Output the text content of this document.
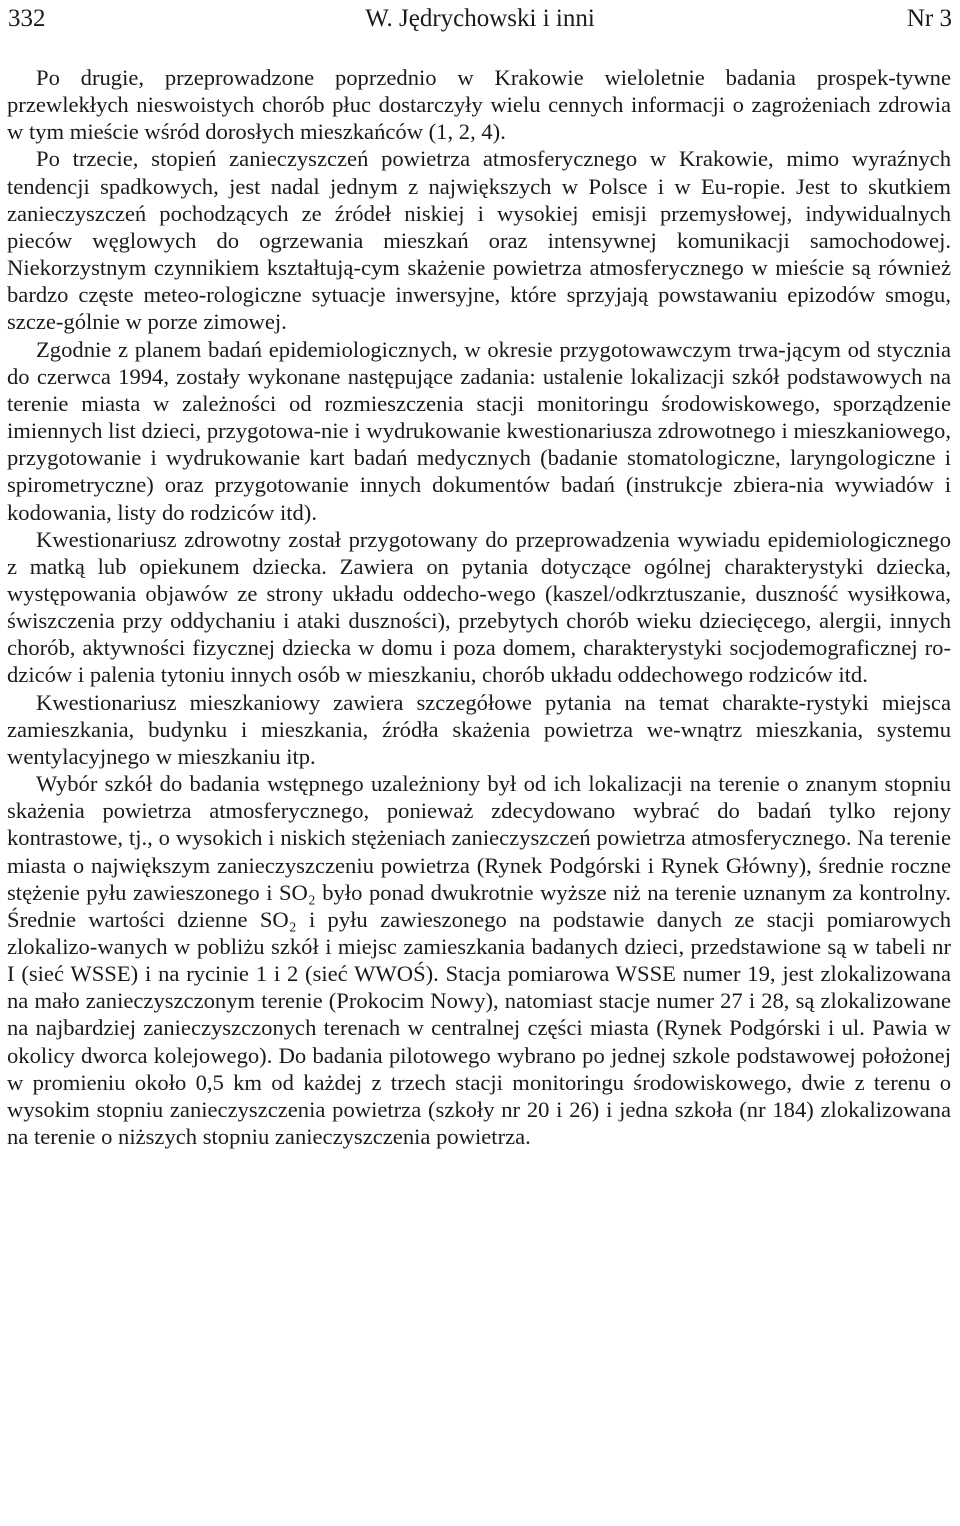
332	W. Jędrychowski i inni	Nr 3

Po drugie, przeprowadzone poprzednio w Krakowie wieloletnie badania prospek-tywne przewlekłych nieswoistych chorób płuc dostarczyły wielu cennych informacji o zagrożeniach zdrowia w tym mieście wśród dorosłych mieszkańców (1, 2, 4).

Po trzecie, stopień zanieczyszczeń powietrza atmosferycznego w Krakowie, mimo wyraźnych tendencji spadkowych, jest nadal jednym z największych w Polsce i w Eu-ropie. Jest to skutkiem zanieczyszczeń pochodzących ze źródeł niskiej i wysokiej emisji przemysłowej, indywidualnych pieców węglowych do ogrzewania mieszkań oraz intensywnej komunikacji samochodowej. Niekorzystnym czynnikiem kształtują-cym skażenie powietrza atmosferycznego w mieście są również bardzo częste meteo-rologiczne sytuacje inwersyjne, które sprzyjają powstawaniu epizodów smogu, szcze-gólnie w porze zimowej.

Zgodnie z planem badań epidemiologicznych, w okresie przygotowawczym trwa-jącym od stycznia do czerwca 1994, zostały wykonane następujące zadania: ustalenie lokalizacji szkół podstawowych na terenie miasta w zależności od rozmieszczenia stacji monitoringu środowiskowego, sporządzenie imiennych list dzieci, przygotowa-nie i wydrukowanie kwestionariusza zdrowotnego i mieszkaniowego, przygotowanie i wydrukowanie kart badań medycznych (badanie stomatologiczne, laryngologiczne i spirometryczne) oraz przygotowanie innych dokumentów badań (instrukcje zbiera-nia wywiadów i kodowania, listy do rodziców itd).

Kwestionariusz zdrowotny został przygotowany do przeprowadzenia wywiadu epidemiologicznego z matką lub opiekunem dziecka. Zawiera on pytania dotyczące ogólnej charakterystyki dziecka, występowania objawów ze strony układu oddecho-wego (kaszel/odkrztuszanie, duszność wysiłkowa, świszczenia przy oddychaniu i ataki duszności), przebytych chorób wieku dziecięcego, alergii, innych chorób, aktywności fizycznej dziecka w domu i poza domem, charakterystyki socjodemograficznej ro-dziców i palenia tytoniu innych osób w mieszkaniu, chorób układu oddechowego rodziców itd.

Kwestionariusz mieszkaniowy zawiera szczegółowe pytania na temat charakte-rystyki miejsca zamieszkania, budynku i mieszkania, źródła skażenia powietrza we-wnątrz mieszkania, systemu wentylacyjnego w mieszkaniu itp.

Wybór szkół do badania wstępnego uzależniony był od ich lokalizacji na terenie o znanym stopniu skażenia powietrza atmosferycznego, ponieważ zdecydowano wybrać do badań tylko rejony kontrastowe, tj., o wysokich i niskich stężeniach zanieczyszczeń powietrza atmosferycznego. Na terenie miasta o największym zanieczyszczeniu powietrza (Rynek Podgórski i Rynek Główny), średnie roczne stężenie pyłu zawieszonego i SO₂ było ponad dwukrotnie wyższe niż na terenie uznanym za kontrolny. Średnie wartości dzienne SO₂ i pyłu zawieszonego na podstawie danych ze stacji pomiarowych zlokalizo-wanych w pobliżu szkół i miejsc zamieszkania badanych dzieci, przedstawione są w tabeli nr I (sieć WSSE) i na rycinie 1 i 2 (sieć WWOŚ). Stacja pomiarowa WSSE numer 19, jest zlokalizowana na mało zanieczyszczonym terenie (Prokocim Nowy), natomiast stacje numer 27 i 28, są zlokalizowane na najbardziej zanieczyszczonych terenach w centralnej części miasta (Rynek Podgórski i ul. Pawia w okolicy dworca kolejowego). Do badania pilotowego wybrano po jednej szkole podstawowej położonej w promieniu około 0,5 km od każdej z trzech stacji monitoringu środowiskowego, dwie z terenu o wysokim stopniu zanieczyszczenia powietrza (szkoły nr 20 i 26) i jedna szkoła (nr 184) zlokalizowana na terenie o niższych stopniu zanieczyszczenia powietrza.
